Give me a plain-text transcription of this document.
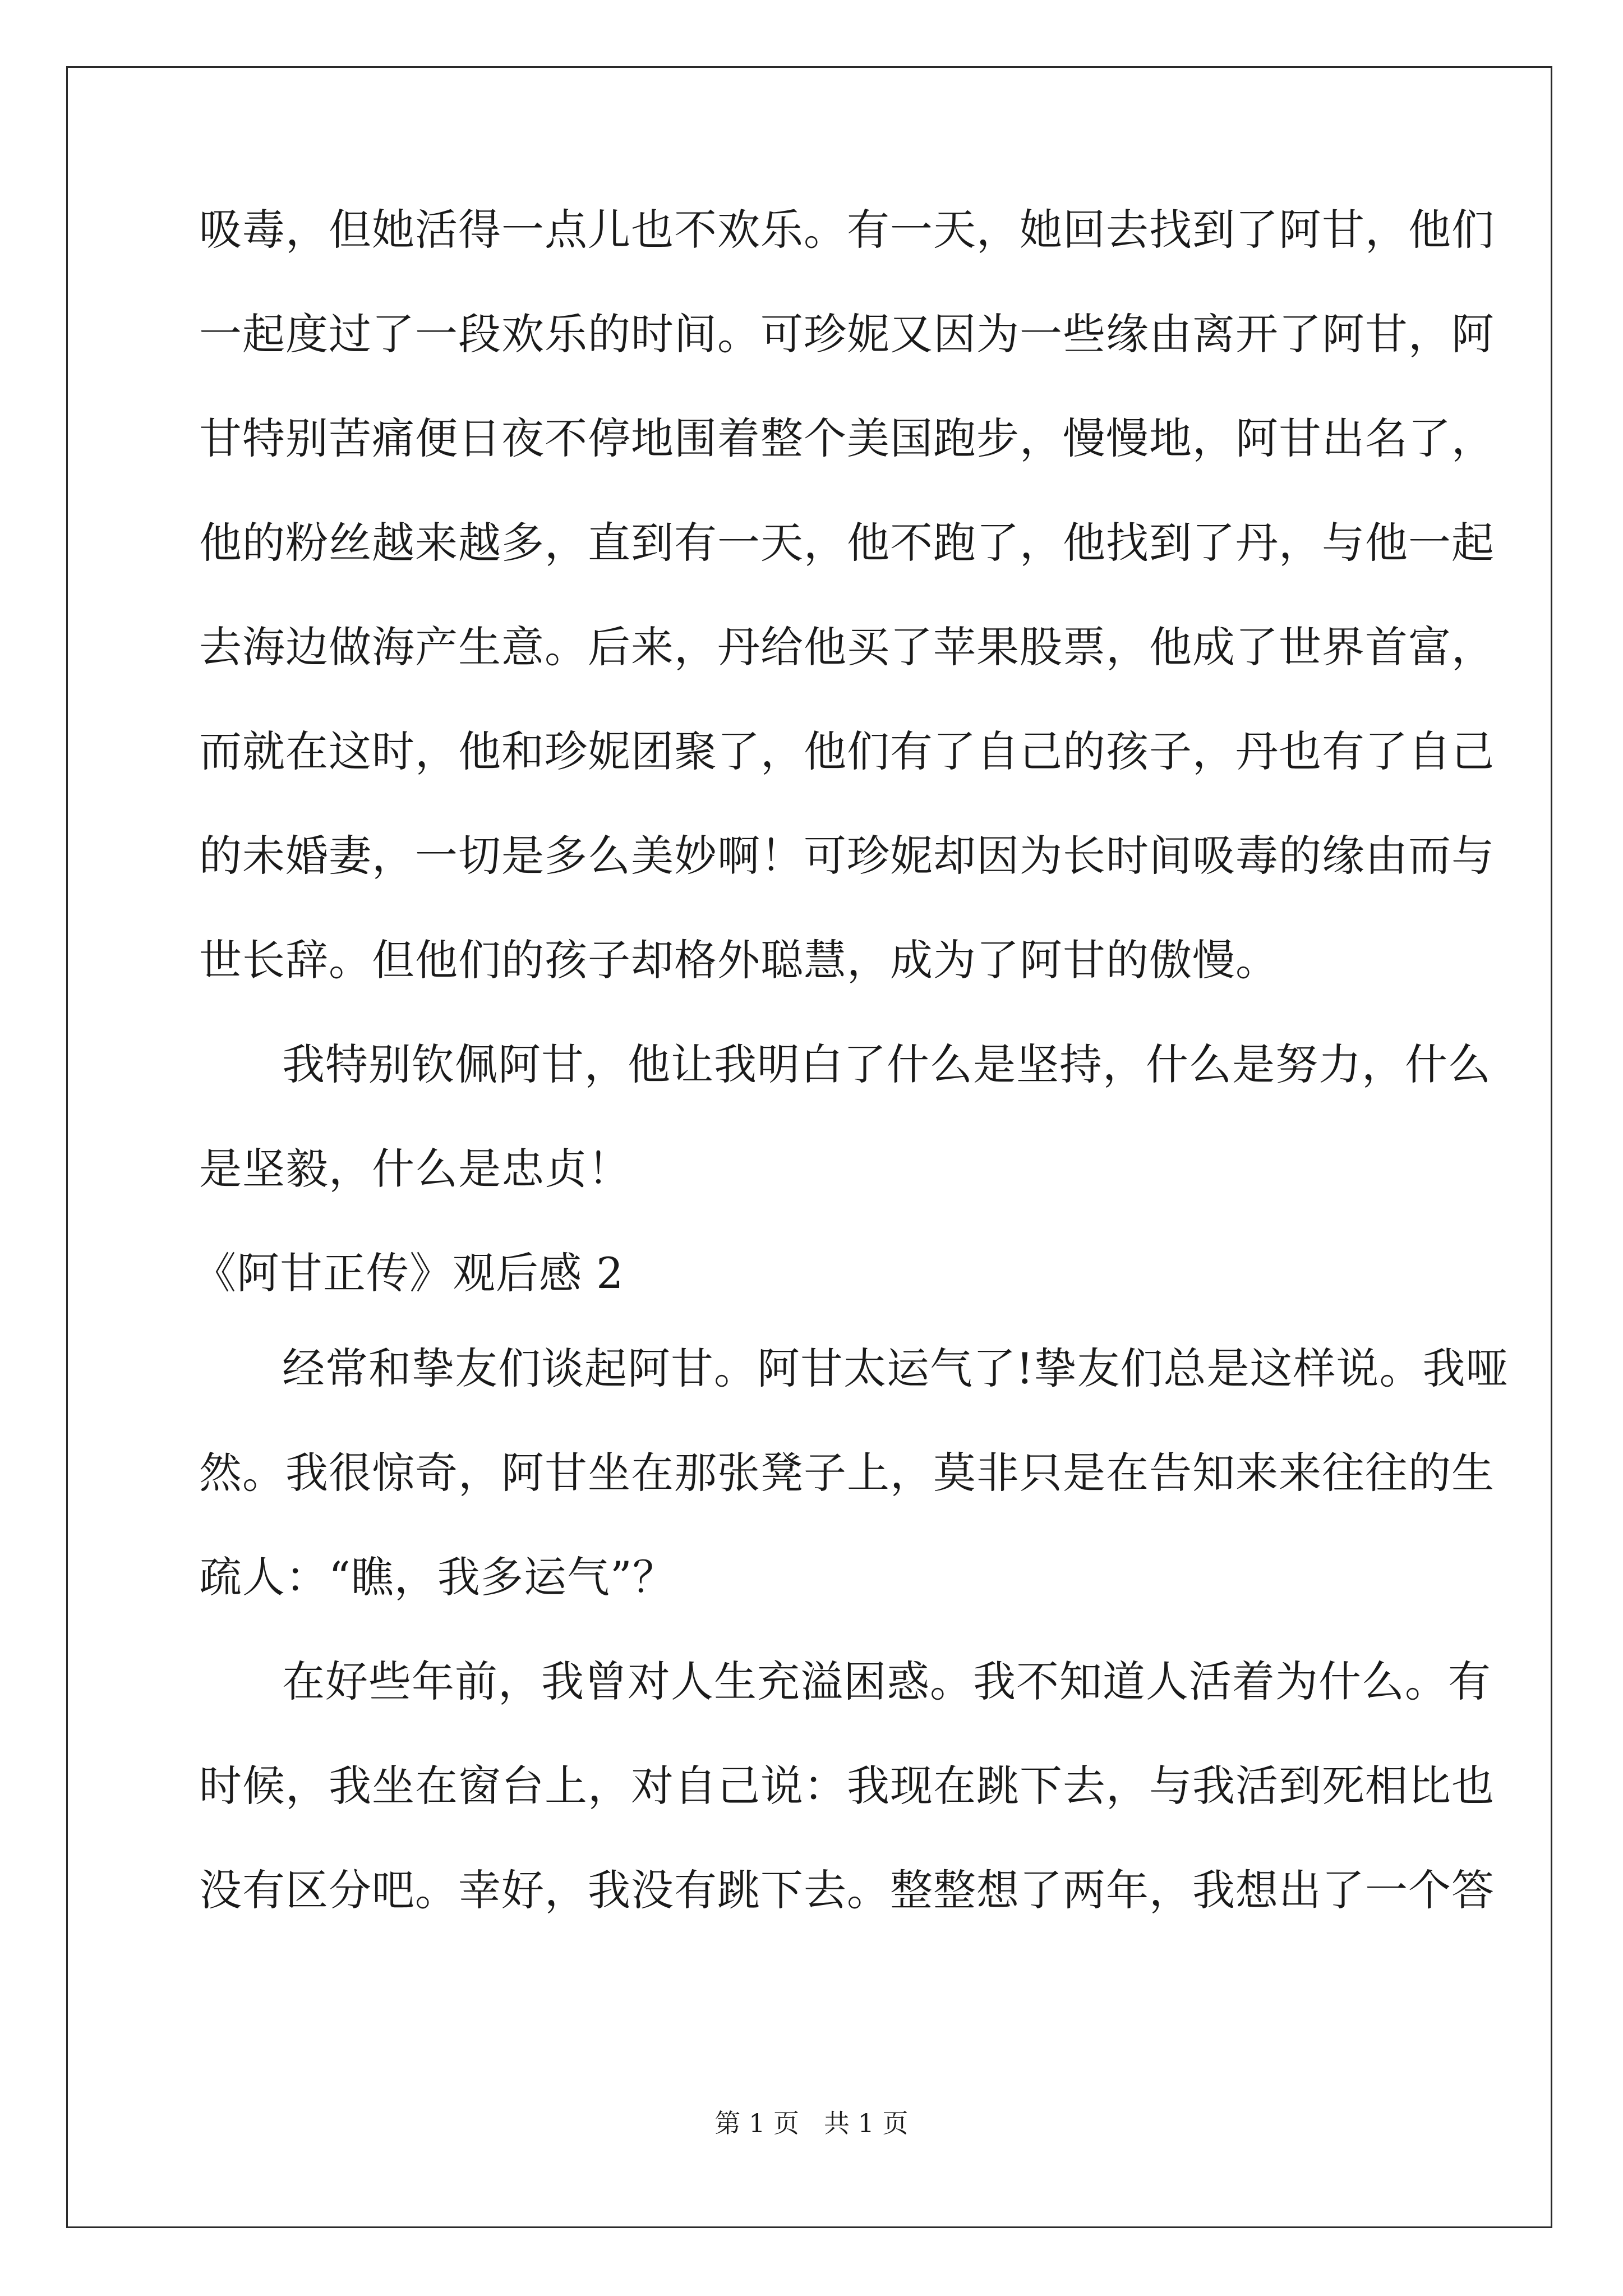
吸毒，但她活得一点儿也不欢乐。有一天，她回去找到了阿甘，他们
一起度过了一段欢乐的时间。可珍妮又因为一些缘由离开了阿甘，阿
甘特别苦痛便日夜不停地围着整个美国跑步，慢慢地，阿甘出名了，
他的粉丝越来越多，直到有一天，他不跑了，他找到了丹，与他一起
去海边做海产生意。后来，丹给他买了苹果股票，他成了世界首富，
而就在这时，他和珍妮团聚了，他们有了自己的孩子，丹也有了自己
的未婚妻，一切是多么美妙啊！可珍妮却因为长时间吸毒的缘由而与
世长辞。但他们的孩子却格外聪慧，成为了阿甘的傲慢。
我特别钦佩阿甘，他让我明白了什么是坚持，什么是努力，什么
是坚毅，什么是忠贞！
《阿甘正传》观后感 2
经常和挚友们谈起阿甘。阿甘太运气了!挚友们总是这样说。我哑
然。我很惊奇，阿甘坐在那张凳子上，莫非只是在告知来来往往的生
疏人：“瞧，我多运气”？
在好些年前，我曾对人生充溢困惑。我不知道人活着为什么。有
时候，我坐在窗台上，对自己说：我现在跳下去，与我活到死相比也
没有区分吧。幸好，我没有跳下去。整整想了两年，我想出了一个答
第 1 页 共 1 页
